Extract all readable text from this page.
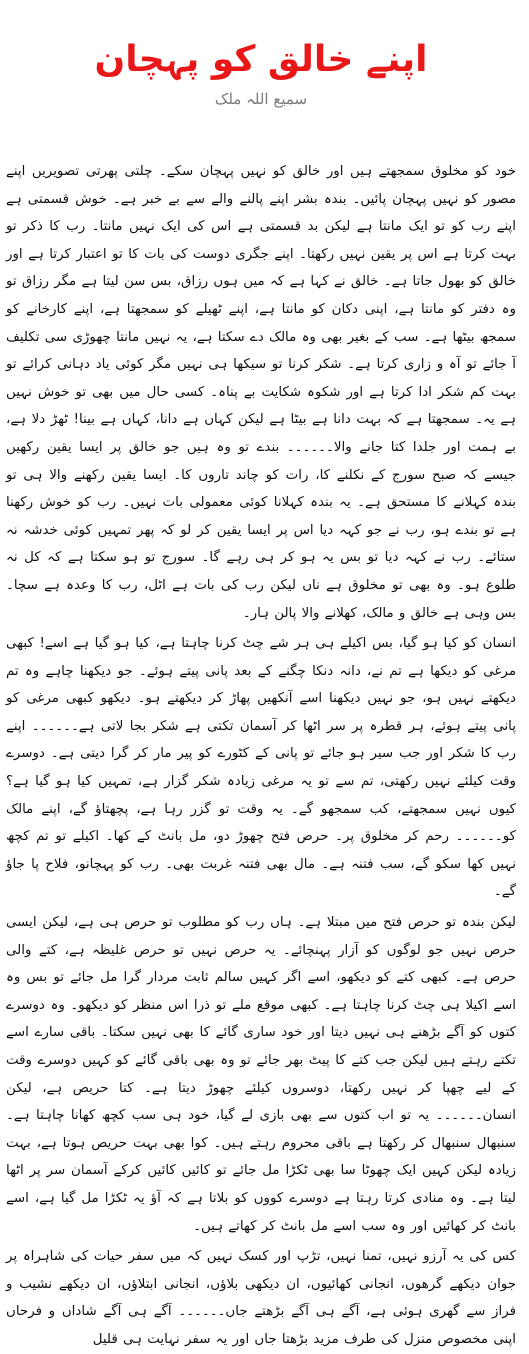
اپنے خالق کو پہچان
سمیع اللہ ملک

خود کو مخلوق سمجھتے ہیں اور خالق کو نہیں پہچان سکے۔ چلتی پھرتی تصویریں اپنے مصور کو نہیں پہچان پائیں۔ بندہ بشر اپنے پالنے والے سے بے خبر ہے۔ خوش قسمتی ہے اپنے رب کو تو ایک مانتا ہے لیکن بد قسمتی ہے اس کی ایک نہیں مانتا۔ رب کا ذکر تو بہت کرتا ہے اس پر یقین نہیں رکھتا۔ اپنے جگری دوست کی بات کا تو اعتبار کرتا ہے اور خالق کو بھول جاتا ہے۔ خالق نے کہا ہے کہ میں ہوں رزاق، بس سن لیتا ہے مگر رزاق تو وہ دفتر کو مانتا ہے، اپنی دکان کو مانتا ہے، اپنے ٹھیلے کو سمجھتا ہے، اپنے کارخانے کو سمجھ بیٹھا ہے۔ سب کے بغیر بھی وہ مالک دے سکتا ہے، یہ نہیں مانتا چھوڑی سی تکلیف آ جائے تو آہ و زاری کرتا ہے۔ شکر کرنا تو سیکھا ہی نہیں مگر کوئی یاد دہانی کرائے تو بہت کم شکر ادا کرتا ہے اور شکوہ شکایت بے پناہ۔ کسی حال میں بھی تو خوش نہیں ہے یہ۔ سمجھتا ہے کہ بہت دانا ہے بیٹا ہے لیکن کہاں ہے دانا، کہاں ہے بینا! ٹھڑ دلا ہے، بے ہمت اور جلدا کتا جانے والا۔۔۔۔۔۔ بندے تو وہ ہیں جو خالق پر ایسا یقین رکھیں جیسے کہ صبح سورج کے نکلنے کا، رات کو چاند تاروں کا۔ ایسا یقین رکھنے والا ہی تو بندہ کہلانے کا مستحق ہے۔ یہ بندہ کہلانا کوئی معمولی بات نہیں۔ رب کو خوش رکھنا ہے تو بندے ہو، رب نے جو کہہ دیا اس پر ایسا یقین کر لو کہ پھر تمہیں کوئی خدشہ نہ ستائے۔ رب نے کہہ دیا تو بس یہ ہو کر ہی رہے گا۔ سورج تو ہو سکتا ہے کہ کل نہ طلوع ہو۔ وہ بھی تو مخلوق ہے ناں لیکن رب کی بات ہے اٹل، رب کا وعدہ ہے سچا۔ بس وہی ہے خالق و مالک، کھلانے والا پالن ہار۔

انسان کو کیا ہو گیا، بس اکیلے ہی ہر شے چٹ کرنا چاہتا ہے، کیا ہو گیا ہے اسے! کبھی مرغی کو دیکھا ہے تم نے، دانہ دنکا چگنے کے بعد پانی پیتے ہوئے۔ جو دیکھنا چاہے وہ تم دیکھتے نہیں ہو، جو نہیں دیکھنا اسے آنکھیں پھاڑ کر دیکھتے ہو۔ دیکھو کبھی مرغی کو پانی پیتے ہوئے، ہر قطرہ پر سر اٹھا کر آسمان تکتی ہے شکر بجا لاتی ہے۔۔۔۔۔۔ اپنے رب کا شکر اور جب سیر ہو جائے تو پانی کے کٹورے کو پیر مار کر گرا دیتی ہے۔ دوسرے وقت کیلئے نہیں رکھتی، تم سے تو یہ مرغی زیادہ شکر گزار ہے، تمہیں کیا ہو گیا ہے؟ کیوں نہیں سمجھتے، کب سمجھو گے۔ یہ وقت تو گزر رہا ہے، پچھتاؤ گے، اپنے مالک کو۔۔۔۔۔۔ رحم کر مخلوق پر۔ حرص فتح چھوڑ دو، مل بانٹ کے کھا۔ اکیلے تو تم کچھ نہیں کھا سکو گے، سب فتنہ ہے۔ مال بھی فتنہ غربت بھی۔ رب کو پہچانو، فلاح پا جاؤ گے۔

لیکن بندہ تو حرص فتح میں مبتلا ہے۔ ہاں رب کو مطلوب تو حرص ہی ہے، لیکن ایسی حرص نہیں جو لوگوں کو آزار پہنچائے۔ یہ حرص نہیں تو حرص غلیظہ ہے، کتے والی حرص ہے۔ کبھی کتے کو دیکھو، اسے اگر کہیں سالم ثابت مردار گرا مل جائے تو بس وہ اسے اکیلا ہی چٹ کرنا چاہتا ہے۔ کبھی موقع ملے تو ذرا اس منظر کو دیکھو۔ وہ دوسرے کتوں کو آگے بڑھنے ہی نہیں دیتا اور خود ساری گائے کا بھی نہیں سکتا۔ باقی سارے اسے تکتے رہتے ہیں لیکن جب کتے کا پیٹ بھر جائے تو وہ بھی باقی گائے کو کہیں دوسرے وقت کے لیے چھپا کر نہیں رکھتا، دوسروں کیلئے چھوڑ دیتا ہے۔ کتا حریص ہے، لیکن انسان۔۔۔۔۔۔ یہ تو اب کتوں سے بھی بازی لے گیا، خود ہی سب کچھ کھانا چاہتا ہے۔ سنبھال سنبھال کر رکھتا ہے باقی محروم رہتے ہیں۔ کوا بھی بہت حریص ہوتا ہے، بہت زیادہ لیکن کہیں ایک چھوٹا سا بھی ٹکڑا مل جائے تو کائیں کائیں کرکے آسمان سر پر اٹھا لیتا ہے۔ وہ منادی کرتا رہتا ہے دوسرے کووں کو بلاتا ہے کہ آؤ یہ ٹکڑا مل گیا ہے، اسے بانٹ کر کھائیں اور وہ سب اسے مل بانٹ کر کھاتے ہیں۔

کس کی یہ آرزو نہیں، تمنا نہیں، تڑپ اور کسک نہیں کہ میں سفر حیات کی شاہراہ پر جوان دیکھے گرھوں، انجانی کھائیوں، ان دیکھی بلاؤں، انجانی ابتلاؤں، ان دیکھے نشیب و فراز سے گھری ہوئی ہے، آگے ہی آگے بڑھتے جاں۔۔۔۔۔۔ آگے ہی آگے شاداں و فرحاں اپنی مخصوص منزل کی طرف مزید بڑھتا جاں اور یہ سفر نہایت ہی قلیل
